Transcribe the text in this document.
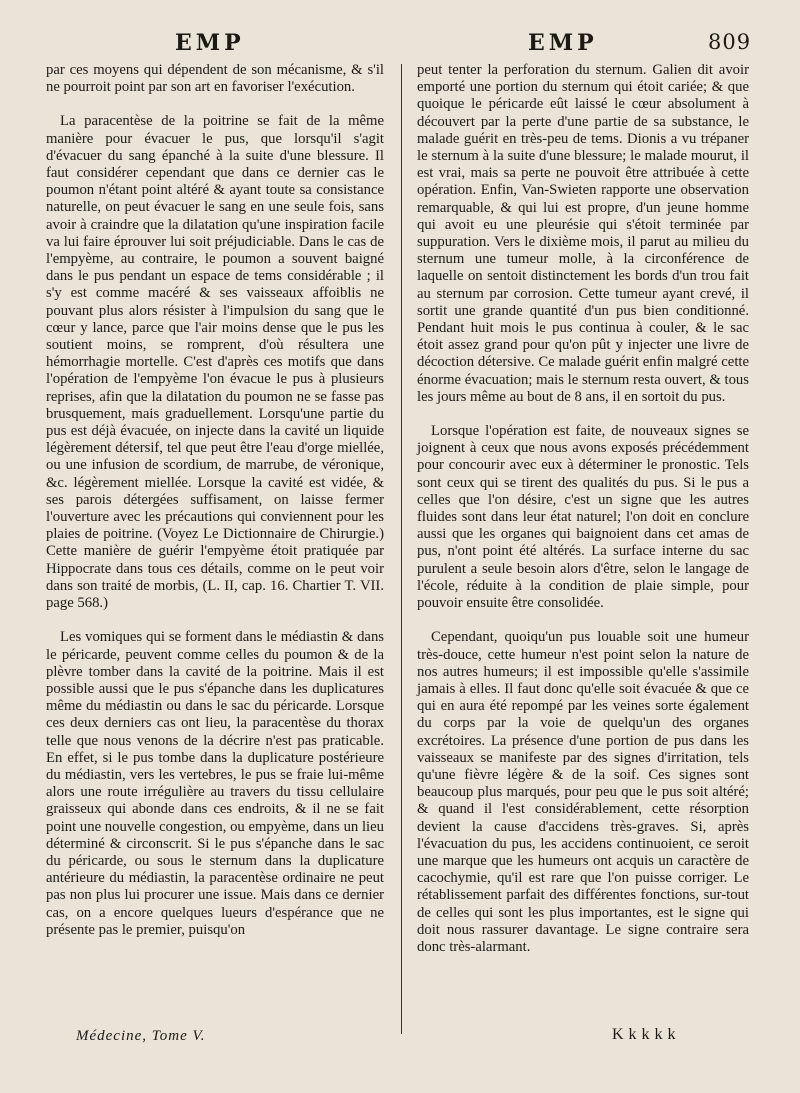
EMP	EMP	809

par ces moyens qui dépendent de son mécanisme, & s'il ne pourroit point par son art en favoriser l'exécution.

La paracentèse de la poitrine se fait de la même manière pour évacuer le pus, que lorsqu'il s'agit d'évacuer du sang épanché à la suite d'une blessure. Il faut considérer cependant que dans ce dernier cas le poumon n'étant point altéré & ayant toute sa consistance naturelle, on peut évacuer le sang en une seule fois, sans avoir à craindre que la dilatation qu'une inspiration facile va lui faire éprouver lui soit préjudiciable. Dans le cas de l'empyème, au contraire, le poumon a souvent baigné dans le pus pendant un espace de tems considérable ; il s'y est comme macéré & ses vaisseaux affoiblis ne pouvant plus alors résister à l'impulsion du sang que le cœur y lance, parce que l'air moins dense que le pus les soutient moins, se romprent, d'où résultera une hémorrhagie mortelle. C'est d'après ces motifs que dans l'opération de l'empyème l'on évacue le pus à plusieurs reprises, afin que la dilatation du poumon ne se fasse pas brusquement, mais graduellement. Lorsqu'une partie du pus est déjà évacuée, on injecte dans la cavité un liquide légèrement détersif, tel que peut être l'eau d'orge miellée, ou une infusion de scordium, de marrube, de véronique, &c. légèrement miellée. Lorsque la cavité est vidée, & ses parois détergées suffisament, on laisse fermer l'ouverture avec les précautions qui conviennent pour les plaies de poitrine. (Voyez Le Dictionnaire de Chirurgie.) Cette manière de guérir l'empyème étoit pratiquée par Hippocrate dans tous ces détails, comme on le peut voir dans son traité de morbis, (L. II, cap. 16. Chartier T. VII. page 568.)

Les vomiques qui se forment dans le médiastin & dans le péricarde, peuvent comme celles du poumon & de la plèvre tomber dans la cavité de la poitrine. Mais il est possible aussi que le pus s'épanche dans les duplicatures même du médiastin ou dans le sac du péricarde. Lorsque ces deux derniers cas ont lieu, la paracentèse du thorax telle que nous venons de la décrire n'est pas praticable. En effet, si le pus tombe dans la duplicature postérieure du médiastin, vers les vertebres, le pus se fraie lui-même alors une route irrégulière au travers du tissu cellulaire graisseux qui abonde dans ces endroits, & il ne se fait point une nouvelle congestion, ou empyème, dans un lieu déterminé & circonscrit. Si le pus s'épanche dans le sac du péricarde, ou sous le sternum dans la duplicature antérieure du médiastin, la paracentèse ordinaire ne peut pas non plus lui procurer une issue. Mais dans ce dernier cas, on a encore quelques lueurs d'espérance que ne présente pas le premier, puisqu'on

peut tenter la perforation du sternum. Galien dit avoir emporté une portion du sternum qui étoit cariée; & que quoique le péricarde eût laissé le cœur absolument à découvert par la perte d'une partie de sa substance, le malade guérit en très-peu de tems. Dionis a vu trépaner le sternum à la suite d'une blessure; le malade mourut, il est vrai, mais sa perte ne pouvoit être attribuée à cette opération. Enfin, Van-Swieten rapporte une observation remarquable, & qui lui est propre, d'un jeune homme qui avoit eu une pleurésie qui s'étoit terminée par suppuration. Vers le dixième mois, il parut au milieu du sternum une tumeur molle, à la circonférence de laquelle on sentoit distinctement les bords d'un trou fait au sternum par corrosion. Cette tumeur ayant crevé, il sortit une grande quantité d'un pus bien conditionné. Pendant huit mois le pus continua à couler, & le sac étoit assez grand pour qu'on pût y injecter une livre de décoction détersive. Ce malade guérit enfin malgré cette énorme évacuation; mais le sternum resta ouvert, & tous les jours même au bout de 8 ans, il en sortoit du pus.

Lorsque l'opération est faite, de nouveaux signes se joignent à ceux que nous avons exposés précédemment pour concourir avec eux à déterminer le pronostic. Tels sont ceux qui se tirent des qualités du pus. Si le pus a celles que l'on désire, c'est un signe que les autres fluides sont dans leur état naturel; l'on doit en conclure aussi que les organes qui baignoient dans cet amas de pus, n'ont point été altérés. La surface interne du sac purulent a seule besoin alors d'être, selon le langage de l'école, réduite à la condition de plaie simple, pour pouvoir ensuite être consolidée.

Cependant, quoiqu'un pus louable soit une humeur très-douce, cette humeur n'est point selon la nature de nos autres humeurs; il est impossible qu'elle s'assimile jamais à elles. Il faut donc qu'elle soit évacuée & que ce qui en aura été repompé par les veines sorte également du corps par la voie de quelqu'un des organes excrétoires. La présence d'une portion de pus dans les vaisseaux se manifeste par des signes d'irritation, tels qu'une fièvre légère & de la soif. Ces signes sont beaucoup plus marqués, pour peu que le pus soit altéré; & quand il l'est considérablement, cette résorption devient la cause d'accidens très-graves. Si, après l'évacuation du pus, les accidens continuoient, ce seroit une marque que les humeurs ont acquis un caractère de cacochymie, qu'il est rare que l'on puisse corriger. Le rétablissement parfait des différentes fonctions, sur-tout de celles qui sont les plus importantes, est le signe qui doit nous rassurer davantage. Le signe contraire sera donc très-alarmant.

Médecine, Tome V.	Kkkkk
